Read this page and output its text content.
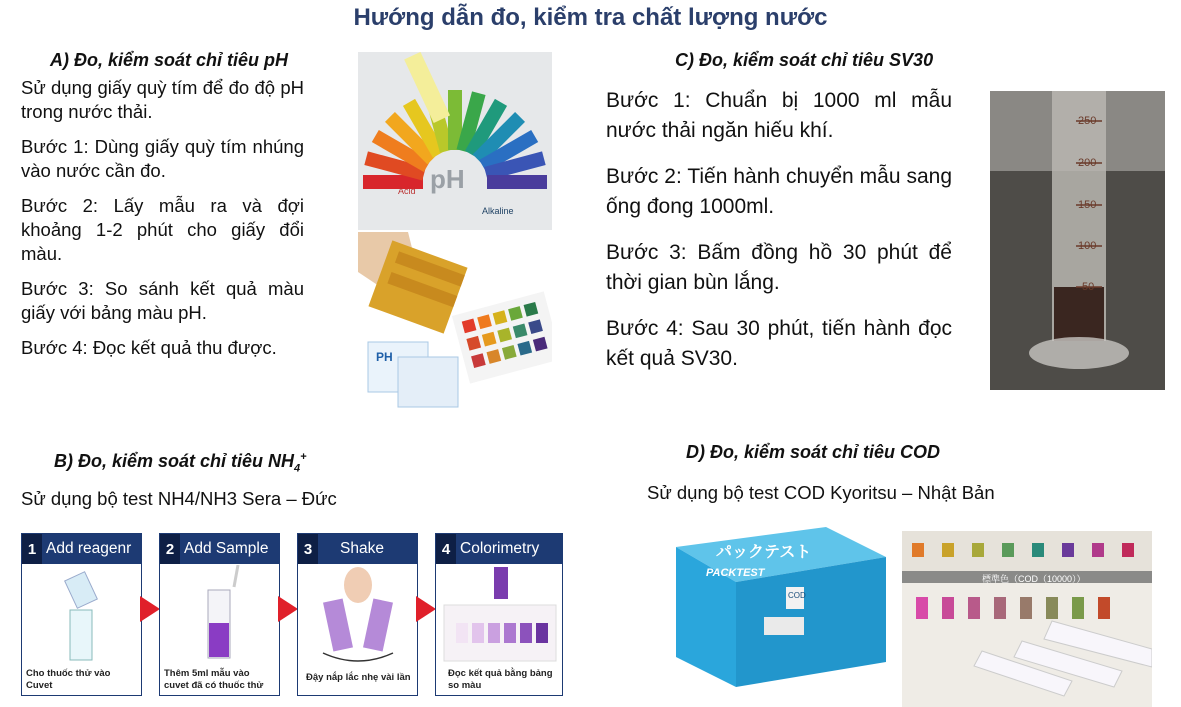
Hướng dẫn đo, kiểm tra chất lượng nước
A) Đo, kiểm soát chỉ tiêu pH

Sử dụng giấy quỳ tím để đo độ pH trong nước thải.

Bước 1: Dùng giấy quỳ tím nhúng vào nước cần đo.

Bước 2: Lấy mẫu ra và đợi khoảng 1-2 phút cho giấy đổi màu.

Bước 3: So sánh kết quả màu giấy với bảng màu pH.

Bước 4: Đọc kết quả thu được.

pH
Acid
Alkaline
PH
B) Đo, kiểm soát chỉ tiêu $NH_4^+$
Sử dụng bộ test NH4/NH3 Sera – Đức
1 Add reagenr
Cho thuốc thử vào Cuvet
2 Add Sample
Thêm 5ml mẫu vào cuvet đã có thuốc thử
3	Shake
Đậy nắp lắc nhẹ vài lần
4 Colorimetry
Đọc kết quả bằng bảng so màu
C) Đo, kiểm soát chỉ tiêu SV30

Bước 1: Chuẩn bị 1000 ml mẫu nước thải ngăn hiếu khí.

Bước 2: Tiến hành chuyển mẫu sang ống đong 1000ml.

Bước 3: Bấm đồng hồ 30 phút để thời gian bùn lắng.

Bước 4: Sau 30 phút, tiến hành đọc kết quả SV30.

250
200
150
100
50
D) Đo, kiểm soát chỉ tiêu COD
Sử dụng bộ test COD Kyoritsu – Nhật Bản
パックテスト
PACKTEST
COD
標準色（COD（10000））
